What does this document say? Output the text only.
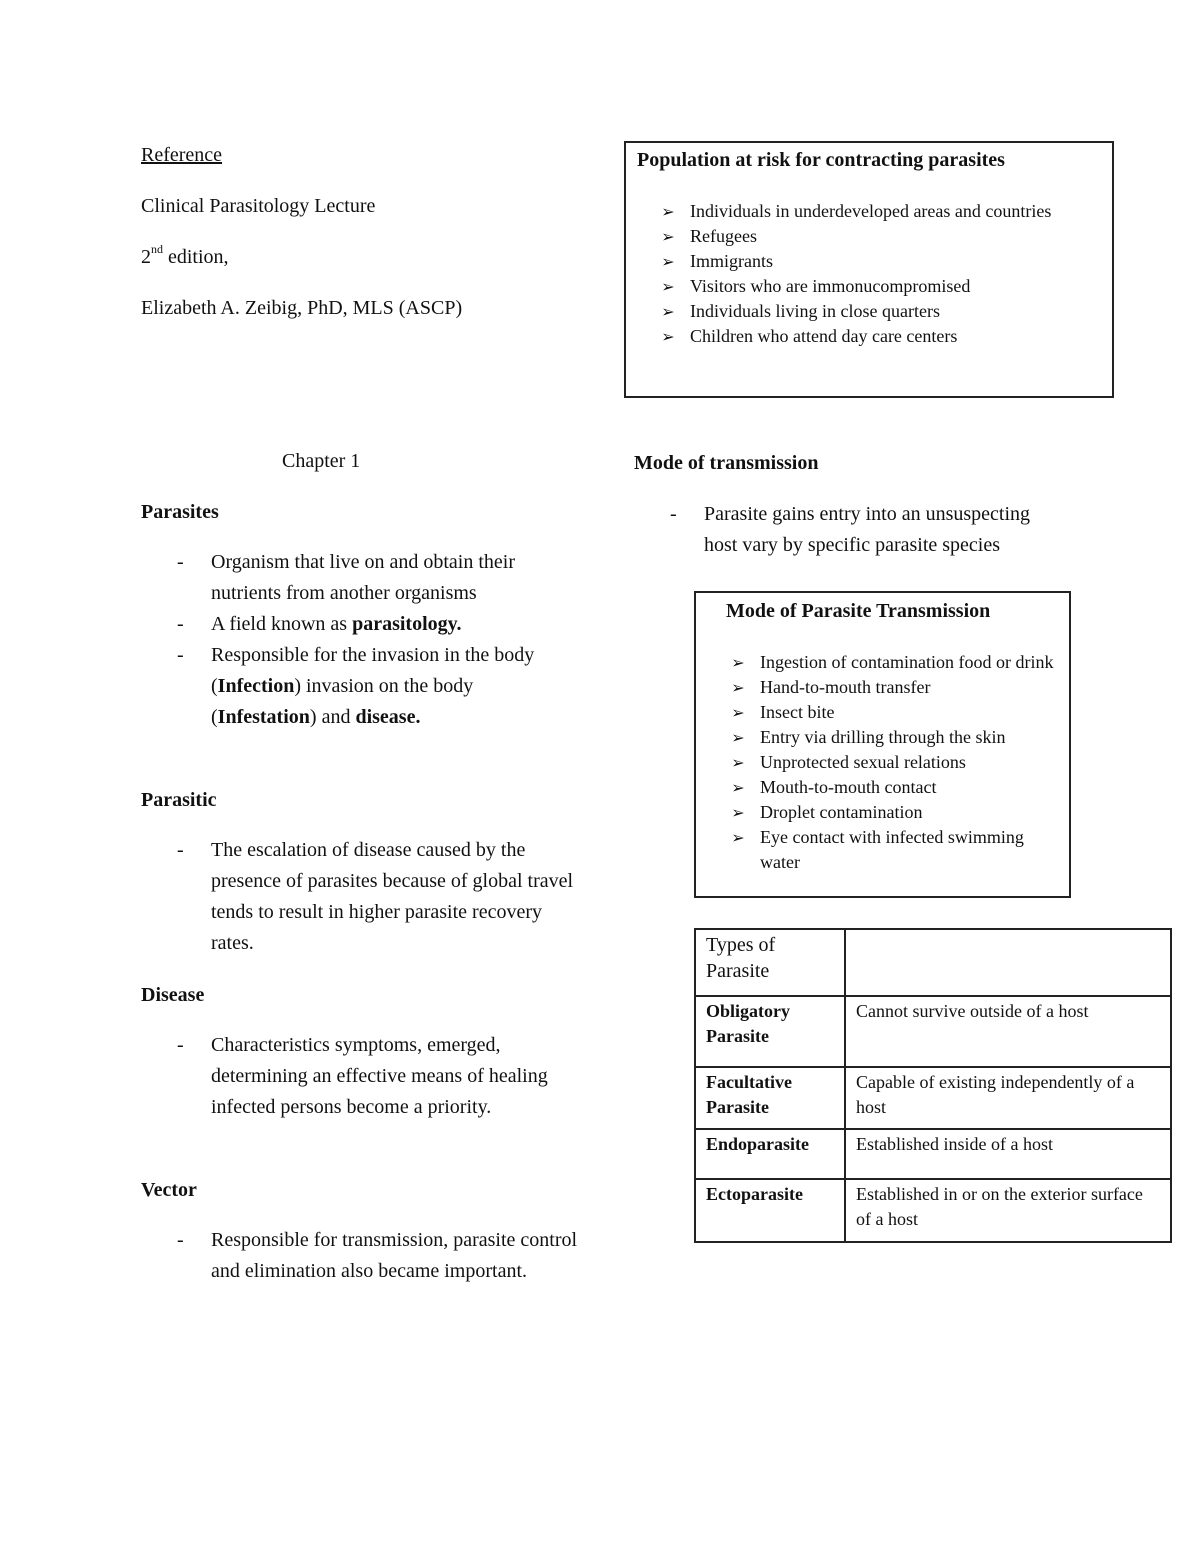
Reference
Clinical Parasitology Lecture
2nd edition,
Elizabeth A. Zeibig, PhD, MLS (ASCP)
Population at risk for contracting parasites
➢ Individuals in underdeveloped areas and countries
➢ Refugees
➢ Immigrants
➢ Visitors who are immonucompromised
➢ Individuals living in close quarters
➢ Children who attend day care centers
Chapter 1
Parasites
- Organism that live on and obtain their nutrients from another organisms
- A field known as parasitology.
- Responsible for the invasion in the body (Infection) invasion on the body (Infestation) and disease.
Parasitic
- The escalation of disease caused by the presence of parasites because of global travel tends to result in higher parasite recovery rates.
Disease
- Characteristics symptoms, emerged, determining an effective means of healing infected persons become a priority.
Vector
- Responsible for transmission, parasite control and elimination also became important.
Mode of transmission
- Parasite gains entry into an unsuspecting host vary by specific parasite species
Mode of Parasite Transmission
➢ Ingestion of contamination food or drink
➢ Hand-to-mouth transfer
➢ Insect bite
➢ Entry via drilling through the skin
➢ Unprotected sexual relations
➢ Mouth-to-mouth contact
➢ Droplet contamination
➢ Eye contact with infected swimming water
Types of Parasite	
Obligatory Parasite	Cannot survive outside of a host
Facultative Parasite	Capable of existing independently of a host
Endoparasite	Established inside of a host
Ectoparasite	Established in or on the exterior surface of a host
